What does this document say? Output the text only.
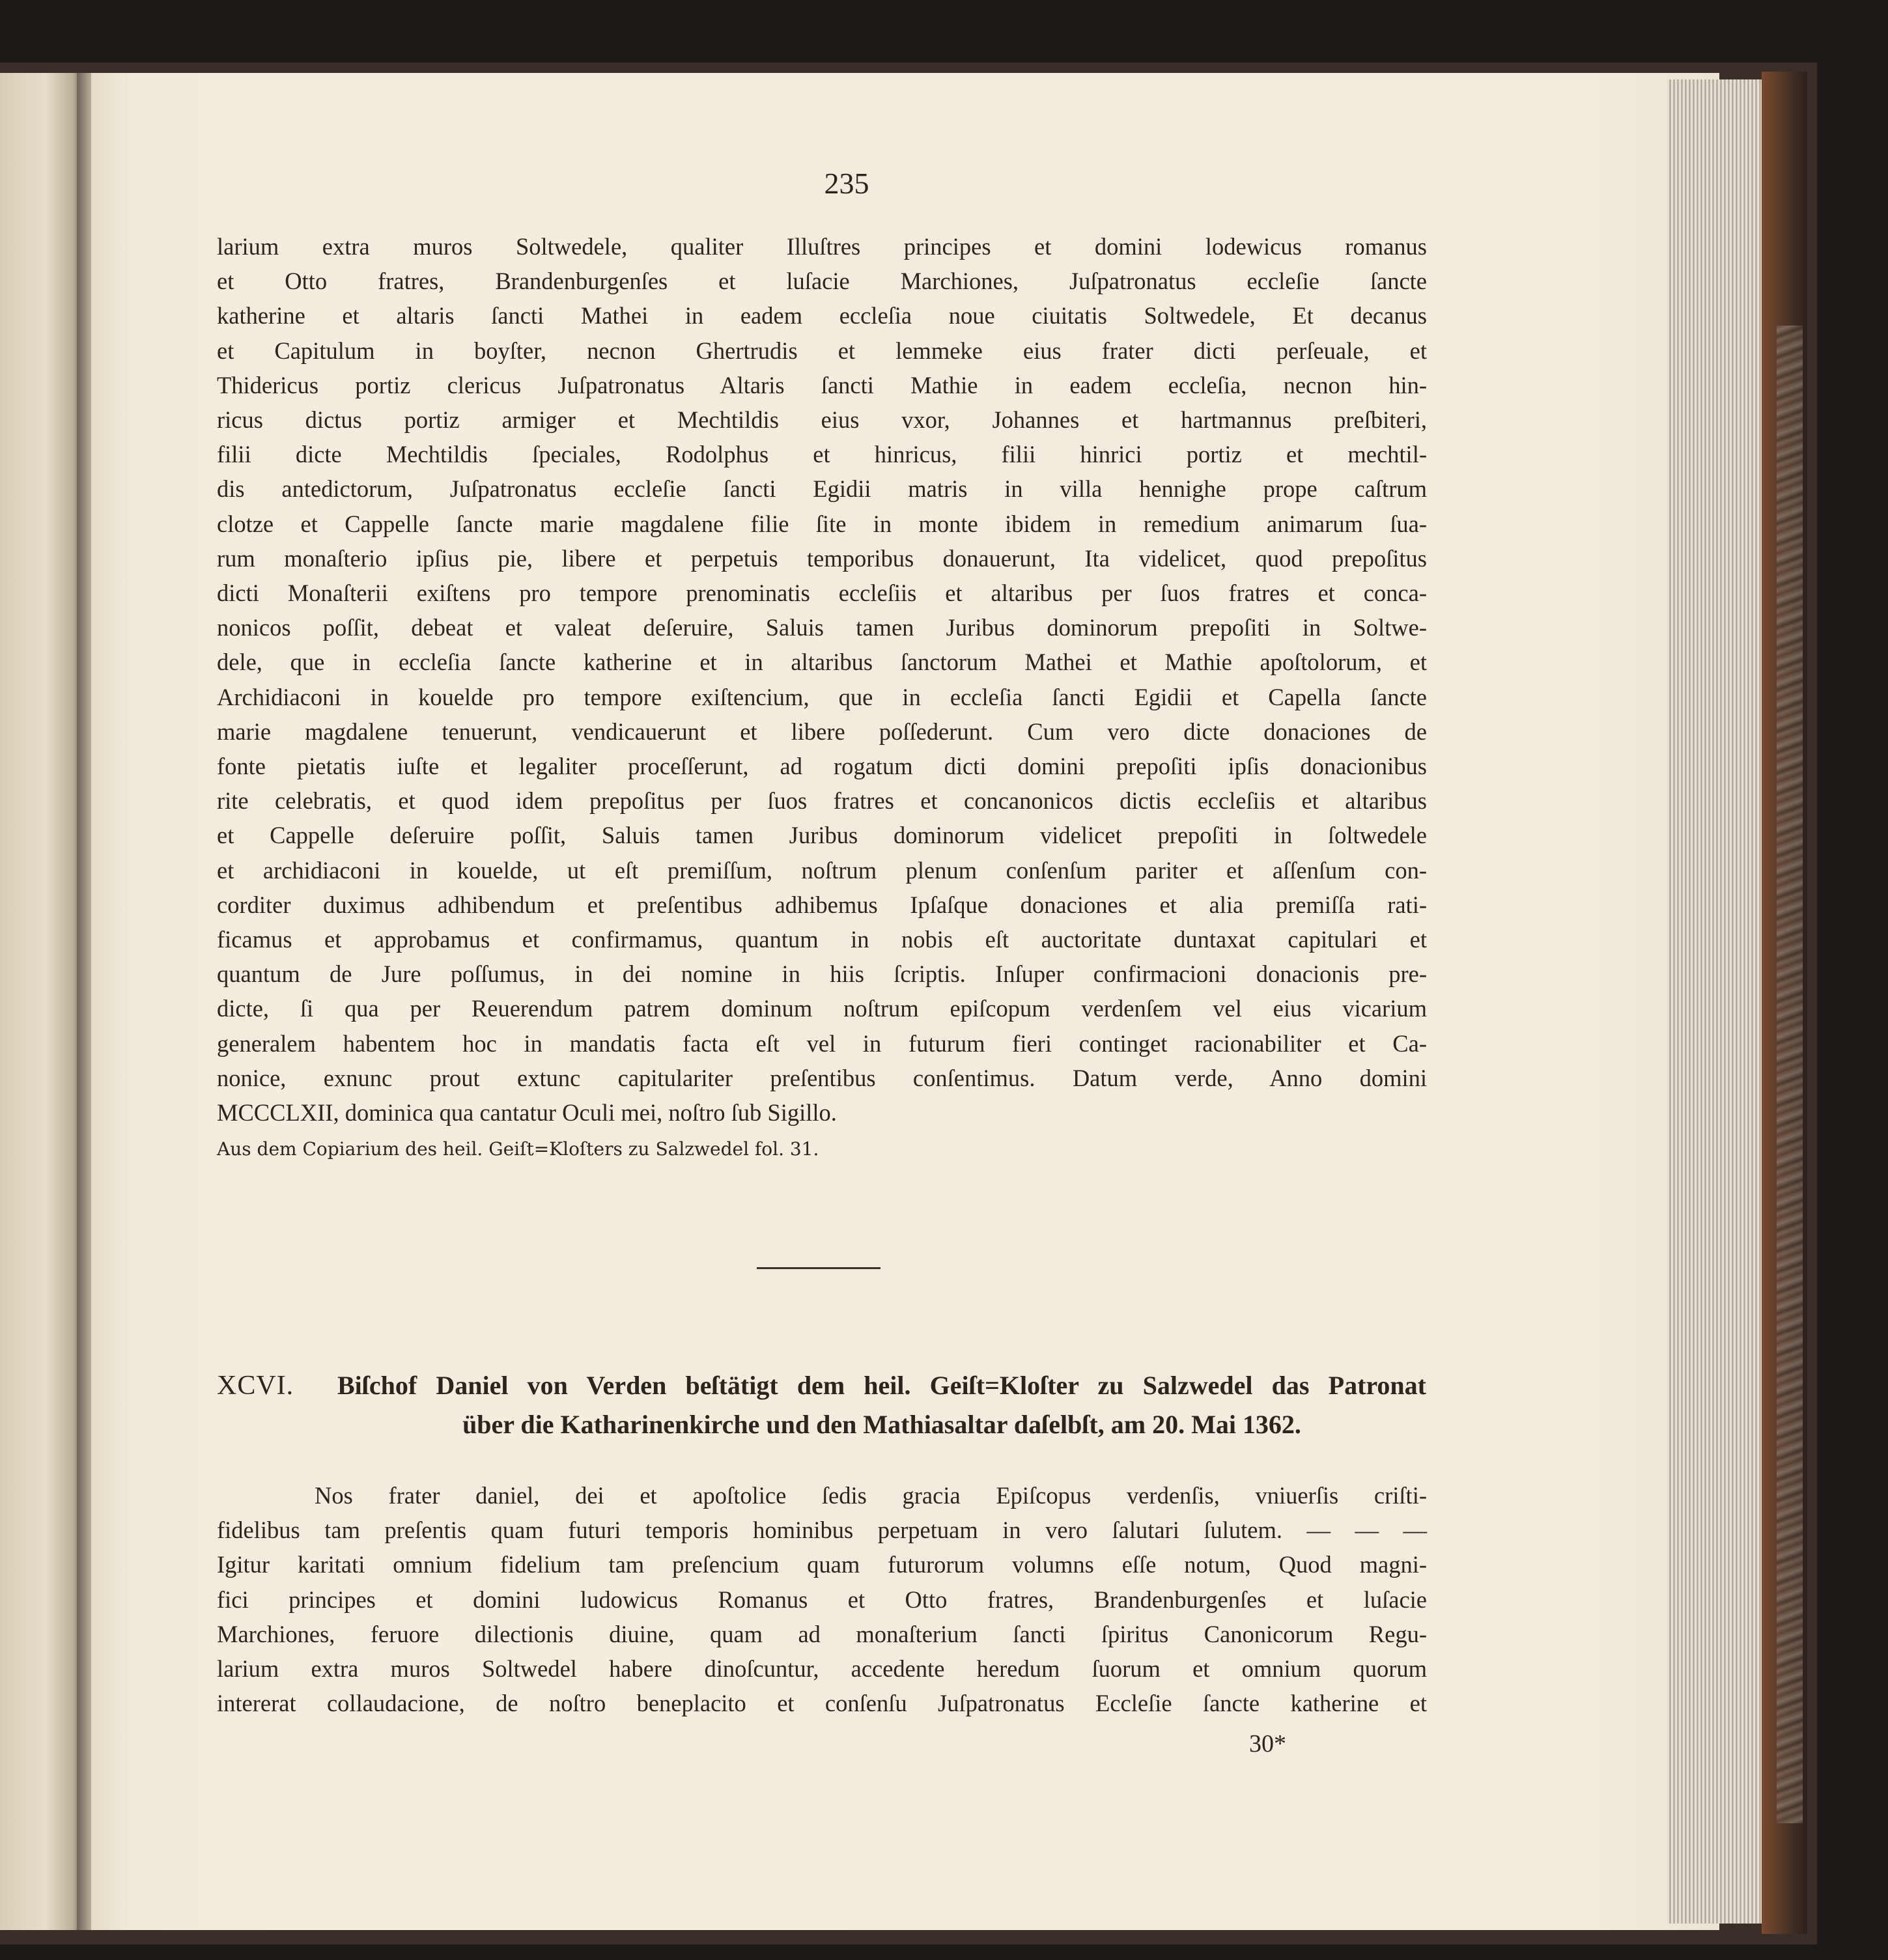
235
larium extra muros Soltwedele, qualiter Illuſtres principes et domini lodewicus romanus
et Otto fratres, Brandenburgenſes et luſacie Marchiones, Juſpatronatus eccleſie ſancte
katherine et altaris ſancti Mathei in eadem eccleſia noue ciuitatis Soltwedele, Et decanus
et Capitulum in boyſter, necnon Ghertrudis et lemmeke eius frater dicti perſeuale, et
Thidericus portiz clericus Juſpatronatus Altaris ſancti Mathie in eadem eccleſia, necnon hin-
ricus dictus portiz armiger et Mechtildis eius vxor, Johannes et hartmannus preſbiteri,
filii dicte Mechtildis ſpeciales, Rodolphus et hinricus, filii hinrici portiz et mechtil-
dis antedictorum, Juſpatronatus eccleſie ſancti Egidii matris in villa hennighe prope caſtrum
clotze et Cappelle ſancte marie magdalene filie ſite in monte ibidem in remedium animarum ſua-
rum monaſterio ipſius pie, libere et perpetuis temporibus donauerunt, Ita videlicet, quod prepoſitus
dicti Monaſterii exiſtens pro tempore prenominatis eccleſiis et altaribus per ſuos fratres et conca-
nonicos poſſit, debeat et valeat deſeruire, Saluis tamen Juribus dominorum prepoſiti in Soltwe-
dele, que in eccleſia ſancte katherine et in altaribus ſanctorum Mathei et Mathie apoſtolorum, et
Archidiaconi in kouelde pro tempore exiſtencium, que in eccleſia ſancti Egidii et Capella ſancte
marie magdalene tenuerunt, vendicauerunt et libere poſſederunt. Cum vero dicte donaciones de
fonte pietatis iuſte et legaliter proceſſerunt, ad rogatum dicti domini prepoſiti ipſis donacionibus
rite celebratis, et quod idem prepoſitus per ſuos fratres et concanonicos dictis eccleſiis et altaribus
et Cappelle deſeruire poſſit, Saluis tamen Juribus dominorum videlicet prepoſiti in ſoltwedele
et archidiaconi in kouelde, ut eſt premiſſum, noſtrum plenum conſenſum pariter et aſſenſum con-
corditer duximus adhibendum et preſentibus adhibemus Ipſaſque donaciones et alia premiſſa rati-
ficamus et approbamus et confirmamus, quantum in nobis eſt auctoritate duntaxat capitulari et
quantum de Jure poſſumus, in dei nomine in hiis ſcriptis. Inſuper confirmacioni donacionis pre-
dicte, ſi qua per Reuerendum patrem dominum noſtrum epiſcopum verdenſem vel eius vicarium
generalem habentem hoc in mandatis facta eſt vel in futurum fieri continget racionabiliter et Ca-
nonice, exnunc prout extunc capitulariter preſentibus conſentimus. Datum verde, Anno domini
MCCCLXII, dominica qua cantatur Oculi mei, noſtro ſub Sigillo.
Aus dem Copiarium des heil. Geiſt=Kloſters zu Salzwedel fol. 31.
XCVI. Biſchof Daniel von Verden beſtätigt dem heil. Geiſt=Kloſter zu Salzwedel das Patronat
über die Katharinenkirche und den Mathiasaltar daſelbſt, am 20. Mai 1362.
Nos frater daniel, dei et apoſtolice ſedis gracia Epiſcopus verdenſis, vniuerſis criſti-
fidelibus tam preſentis quam futuri temporis hominibus perpetuam in vero ſalutari ſulutem. — — —
Igitur karitati omnium fidelium tam preſencium quam futurorum volumns eſſe notum, Quod magni-
fici principes et domini ludowicus Romanus et Otto fratres, Brandenburgenſes et luſacie
Marchiones, feruore dilectionis diuine, quam ad monaſterium ſancti ſpiritus Canonicorum Regu-
larium extra muros Soltwedel habere dinoſcuntur, accedente heredum ſuorum et omnium quorum
intererat collaudacione, de noſtro beneplacito et conſenſu Juſpatronatus Eccleſie ſancte katherine et
30*
